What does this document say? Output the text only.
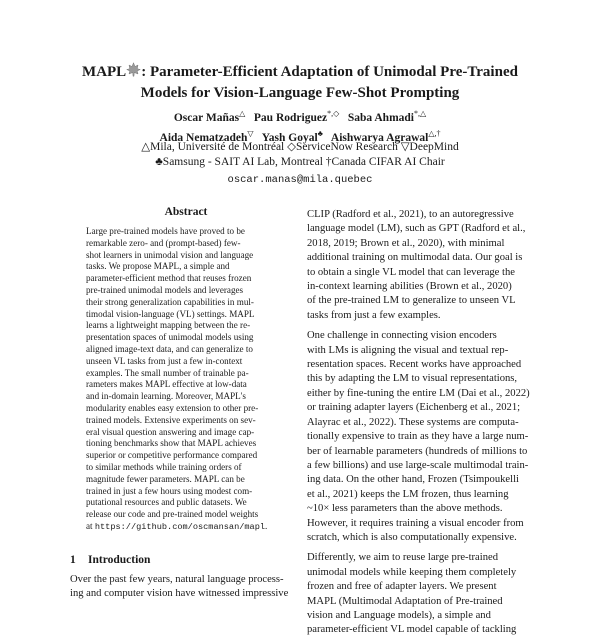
MAPL : Parameter-Efficient Adaptation of Unimodal Pre-Trained
Models for Vision-Language Few-Shot Prompting
Oscar Mañas△ Pau Rodriguez*,◇ Saba Ahmadi*,△
Aida Nematzadeh▽ Yash Goyal♣ Aishwarya Agrawal△,†
△Mila, Université de Montréal ◇ServiceNow Research ▽DeepMind
♣Samsung - SAIT AI Lab, Montreal †Canada CIFAR AI Chair
oscar.manas@mila.quebec
Abstract
Large pre-trained models have proved to be
remarkable zero- and (prompt-based) few-
shot learners in unimodal vision and language
tasks. We propose MAPL, a simple and
parameter-efficient method that reuses frozen
pre-trained unimodal models and leverages
their strong generalization capabilities in mul-
timodal vision-language (VL) settings. MAPL
learns a lightweight mapping between the re-
presentation spaces of unimodal models using
aligned image-text data, and can generalize to
unseen VL tasks from just a few in-context
examples. The small number of trainable pa-
rameters makes MAPL effective at low-data
and in-domain learning. Moreover, MAPL's
modularity enables easy extension to other pre-
trained models. Extensive experiments on sev-
eral visual question answering and image cap-
tioning benchmarks show that MAPL achieves
superior or competitive performance compared
to similar methods while training orders of
magnitude fewer parameters. MAPL can be
trained in just a few hours using modest com-
putational resources and public datasets. We
release our code and pre-trained model weights
at https://github.com/oscmansan/mapl.
1 Introduction
Over the past few years, natural language process-
ing and computer vision have witnessed impressive
CLIP (Radford et al., 2021), to an autoregressive
language model (LM), such as GPT (Radford et al.,
2018, 2019; Brown et al., 2020), with minimal
additional training on multimodal data. Our goal is
to obtain a single VL model that can leverage the
in-context learning abilities (Brown et al., 2020)
of the pre-trained LM to generalize to unseen VL
tasks from just a few examples.
One challenge in connecting vision encoders
with LMs is aligning the visual and textual rep-
resentation spaces. Recent works have approached
this by adapting the LM to visual representations,
either by fine-tuning the entire LM (Dai et al., 2022)
or training adapter layers (Eichenberg et al., 2021;
Alayrac et al., 2022). These systems are computa-
tionally expensive to train as they have a large num-
ber of learnable parameters (hundreds of millions to
a few billions) and use large-scale multimodal train-
ing data. On the other hand, Frozen (Tsimpoukelli
et al., 2021) keeps the LM frozen, thus learning
~10× less parameters than the above methods.
However, it requires training a visual encoder from
scratch, which is also computationally expensive.
Differently, we aim to reuse large pre-trained
unimodal models while keeping them completely
frozen and free of adapter layers. We present
MAPL (Multimodal Adaptation of Pre-trained
vision and Language models), a simple and
parameter-efficient VL model capable of tackling
